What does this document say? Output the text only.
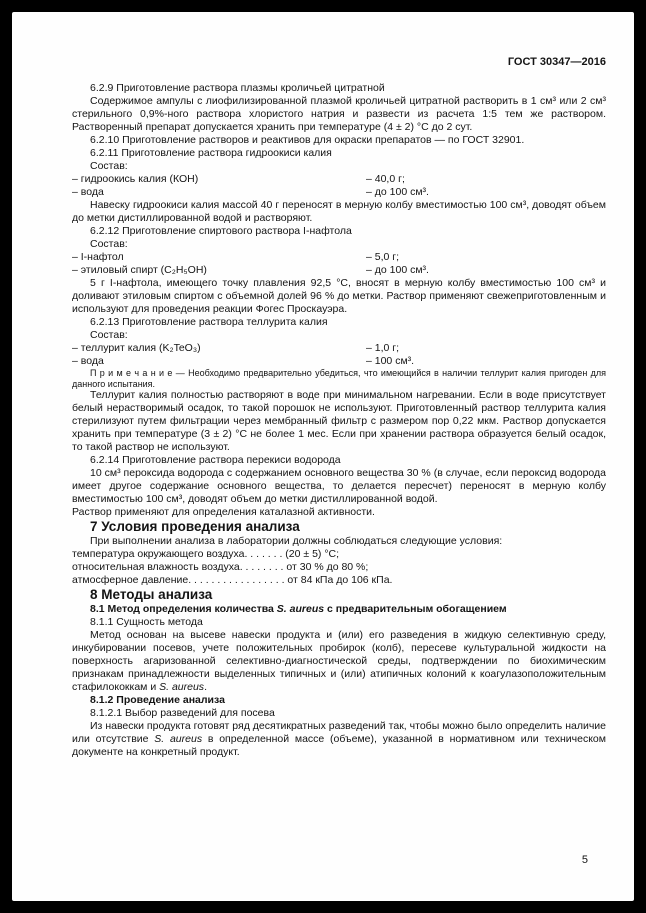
ГОСТ 30347—2016

6.2.9 Приготовление раствора плазмы кроличьей цитратной

Содержимое ампулы с лиофилизированной плазмой кроличьей цитратной растворить в 1 см³ или 2 см³ стерильного 0,9%-ного раствора хлористого натрия и развести из расчета 1:5 тем же раствором. Растворенный препарат допускается хранить при температуре (4 ± 2) °С до 2 сут.

6.2.10 Приготовление растворов и реактивов для окраски препаратов — по ГОСТ 32901.

6.2.11 Приготовление раствора гидроокиси калия

Состав:

– гидроокись калия (КОН)	– 40,0 г;
– вода	– до 100 см³.

Навеску гидроокиси калия массой 40 г переносят в мерную колбу вместимостью 100 см³, доводят объем до метки дистиллированной водой и растворяют.

6.2.12 Приготовление спиртового раствора I-нафтола

Состав:

– I-нафтол	– 5,0 г;
– этиловый спирт (C₂H₅OH)	– до 100 см³.

5 г I-нафтола, имеющего точку плавления 92,5 °С, вносят в мерную колбу вместимостью 100 см³ и доливают этиловым спиртом с объемной долей 96 % до метки. Раствор применяют свежеприготовленным и используют для проведения реакции Фогес Проскауэра.

6.2.13 Приготовление раствора теллурита калия

Состав:

– теллурит калия (K₂TeO₃)	– 1,0 г;
– вода	– 100 см³.

П р и м е ч а н и е — Необходимо предварительно убедиться, что имеющийся в наличии теллурит калия пригоден для данного испытания.

Теллурит калия полностью растворяют в воде при минимальном нагревании. Если в воде присутствует белый нерастворимый осадок, то такой порошок не используют. Приготовленный раствор теллурита калия стерилизуют путем фильтрации через мембранный фильтр с размером пор 0,22 мкм. Раствор допускается хранить при температуре (3 ± 2) °С не более 1 мес. Если при хранении раствора образуется белый осадок, то такой раствор не используют.

6.2.14 Приготовление раствора перекиси водорода

10 см³ пероксида водорода с содержанием основного вещества 30 % (в случае, если пероксид водорода имеет другое содержание основного вещества, то делается пересчет) переносят в мерную колбу вместимостью 100 см³, доводят объем до метки дистиллированной водой.

Раствор применяют для определения каталазной активности.

7 Условия проведения анализа

При выполнении анализа в лаборатории должны соблюдаться следующие условия:

температура окружающего воздуха. . . . . . . (20 ± 5) °С;

относительная влажность воздуха. . . . . . . . от 30 % до 80 %;

атмосферное давление. . . . . . . . . . . . . . . . . от 84 кПа до 106 кПа.

8 Методы анализа

8.1 Метод определения количества S. aureus с предварительным обогащением

8.1.1 Сущность метода

Метод основан на высеве навески продукта и (или) его разведения в жидкую селективную среду, инкубировании посевов, учете положительных пробирок (колб), пересеве культуральной жидкости на поверхность агаризованной селективно-диагностической среды, подтверждении по биохимическим признакам принадлежности выделенных типичных и (или) атипичных колоний к коагулазоположительным стафилококкам и S. aureus.

8.1.2 Проведение анализа

8.1.2.1 Выбор разведений для посева

Из навески продукта готовят ряд десятикратных разведений так, чтобы можно было определить наличие или отсутствие S. aureus в определенной массе (объеме), указанной в нормативном или техническом документе на конкретный продукт.

5
